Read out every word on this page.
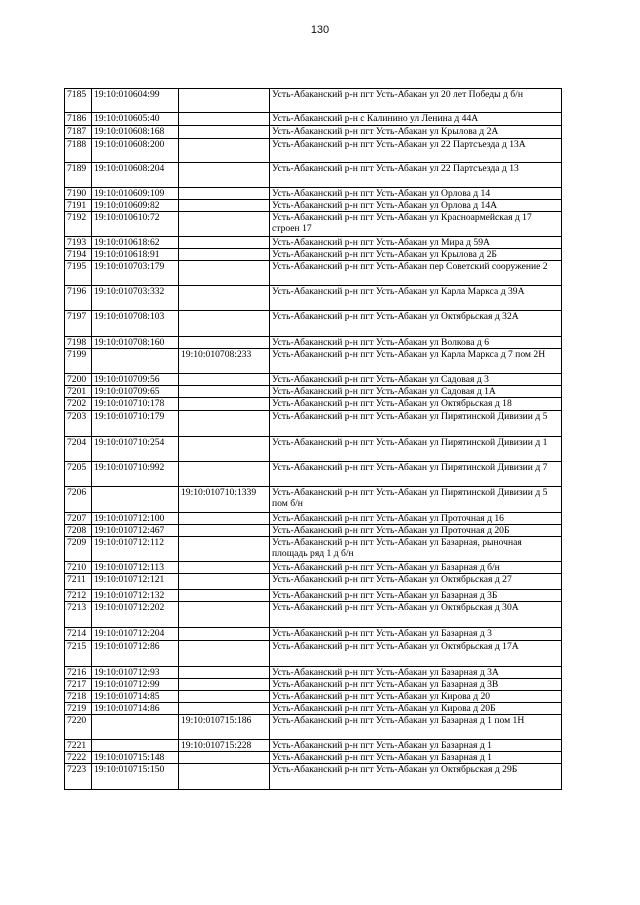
130
7185	19:10:010604:99		Усть-Абаканский р-н пгт Усть-Абакан ул 20 лет Победы д б/н
7186	19:10:010605:40		Усть-Абаканский р-н с Калинино ул Ленина д 44А
7187	19:10:010608:168		Усть-Абаканский р-н пгт Усть-Абакан ул Крылова д 2А
7188	19:10:010608:200		Усть-Абаканский р-н пгт Усть-Абакан ул 22 Партсъезда д 13А
7189	19:10:010608:204		Усть-Абаканский р-н пгт Усть-Абакан ул 22 Партсъезда д 13
7190	19:10:010609:109		Усть-Абаканский р-н пгт Усть-Абакан ул Орлова д 14
7191	19:10:010609:82		Усть-Абаканский р-н пгт Усть-Абакан ул Орлова д 14А
7192	19:10:010610:72		Усть-Абаканский р-н пгт Усть-Абакан ул Красноармейская д 17 строен 17
7193	19:10:010618:62		Усть-Абаканский р-н пгт Усть-Абакан ул Мира д 59А
7194	19:10:010618:91		Усть-Абаканский р-н пгт Усть-Абакан ул Крылова д 2Б
7195	19:10:010703:179		Усть-Абаканский р-н пгт Усть-Абакан пер Советский сооружение 2
7196	19:10:010703:332		Усть-Абаканский р-н пгт Усть-Абакан ул Карла Маркса д 39А
7197	19:10:010708:103		Усть-Абаканский р-н пгт Усть-Абакан ул Октябрьская д 32А
7198	19:10:010708:160		Усть-Абаканский р-н пгт Усть-Абакан ул Волкова д 6
7199		19:10:010708:233	Усть-Абаканский р-н пгт Усть-Абакан ул Карла Маркса д 7 пом 2Н
7200	19:10:010709:56		Усть-Абаканский р-н пгт Усть-Абакан ул Садовая д 3
7201	19:10:010709:65		Усть-Абаканский р-н пгт Усть-Абакан ул Садовая д 1А
7202	19:10:010710:178		Усть-Абаканский р-н пгт Усть-Абакан ул Октябрьская д 18
7203	19:10:010710:179		Усть-Абаканский р-н пгт Усть-Абакан ул Пирятинской Дивизии д 5
7204	19:10:010710:254		Усть-Абаканский р-н пгт Усть-Абакан ул Пирятинской Дивизии д 1
7205	19:10:010710:992		Усть-Абаканский р-н пгт Усть-Абакан ул Пирятинской Дивизии д 7
7206		19:10:010710:1339	Усть-Абаканский р-н пгт Усть-Абакан ул Пирятинской Дивизии д 5 пом б/н
7207	19:10:010712:100		Усть-Абаканский р-н пгт Усть-Абакан ул Проточная д 16
7208	19:10:010712:467		Усть-Абаканский р-н пгт Усть-Абакан ул Проточная д 20Б
7209	19:10:010712:112		Усть-Абаканский р-н пгт Усть-Абакан ул Базарная, рыночная площадь ряд 1 д б/н
7210	19:10:010712:113		Усть-Абаканский р-н пгт Усть-Абакан ул Базарная д б/н
7211	19:10:010712:121		Усть-Абаканский р-н пгт Усть-Абакан ул Октябрьская д 27
7212	19:10:010712:132		Усть-Абаканский р-н пгт Усть-Абакан ул Базарная д 3Б
7213	19:10:010712:202		Усть-Абаканский р-н пгт Усть-Абакан ул Октябрьская д 30А
7214	19:10:010712:204		Усть-Абаканский р-н пгт Усть-Абакан ул Базарная д 3
7215	19:10:010712:86		Усть-Абаканский р-н пгт Усть-Абакан ул Октябрьская д 17А
7216	19:10:010712:93		Усть-Абаканский р-н пгт Усть-Абакан ул Базарная д 3А
7217	19:10:010712:99		Усть-Абаканский р-н пгт Усть-Абакан ул Базарная д 3В
7218	19:10:010714:85		Усть-Абаканский р-н пгт Усть-Абакан ул Кирова д 20
7219	19:10:010714:86		Усть-Абаканский р-н пгт Усть-Абакан ул Кирова д 20Б
7220		19:10:010715:186	Усть-Абаканский р-н пгт Усть-Абакан ул Базарная д 1 пом 1Н
7221		19:10:010715:228	Усть-Абаканский р-н пгт Усть-Абакан ул Базарная д 1
7222	19:10:010715:148		Усть-Абаканский р-н пгт Усть-Абакан ул Базарная д 1
7223	19:10:010715:150		Усть-Абаканский р-н пгт Усть-Абакан ул Октябрьская д 29Б
